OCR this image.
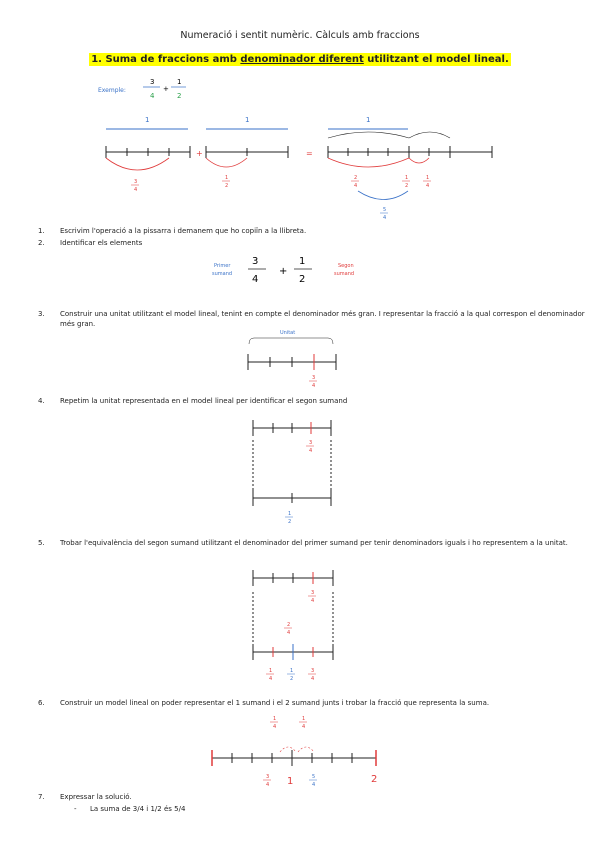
Numeració i sentit numèric. Càlculs amb fraccions
1. Suma de fraccions amb denominador diferent utilitzant el model lineal.
Exemple:
3
4
+
1
2
1	1	1
3
4
+
1
2
=
2
4
1
2
1
4
5
4
1. Escrivim l'operació a la pissarra i demanem que ho copiïn a la llibreta.
2. Identificar els elements
Primer
sumand
3
4
+
1
2
Segon
sumand
3. Construir una unitat utilitzant el model lineal, tenint en compte el denominador més gran. I representar la fracció a la qual correspon el denominador més gran.
Unitat
3
4
4. Repetim la unitat representada en el model lineal per identificar el segon sumand
3
4
1
2
5. Trobar l'equivalència del segon sumand utilitzant el denominador del primer sumand per tenir denominadors iguals i ho representem a la unitat.
3
4
2
4
1
4
1
2
3
4
6. Construir un model lineal on poder representar el 1 sumand i el 2 sumand junts i trobar la fracció que representa la suma.
1
4
1
4
3
4 1	5
4	2
7. Expressar la solució.
- La suma de 3/4 i 1/2 és 5/4
